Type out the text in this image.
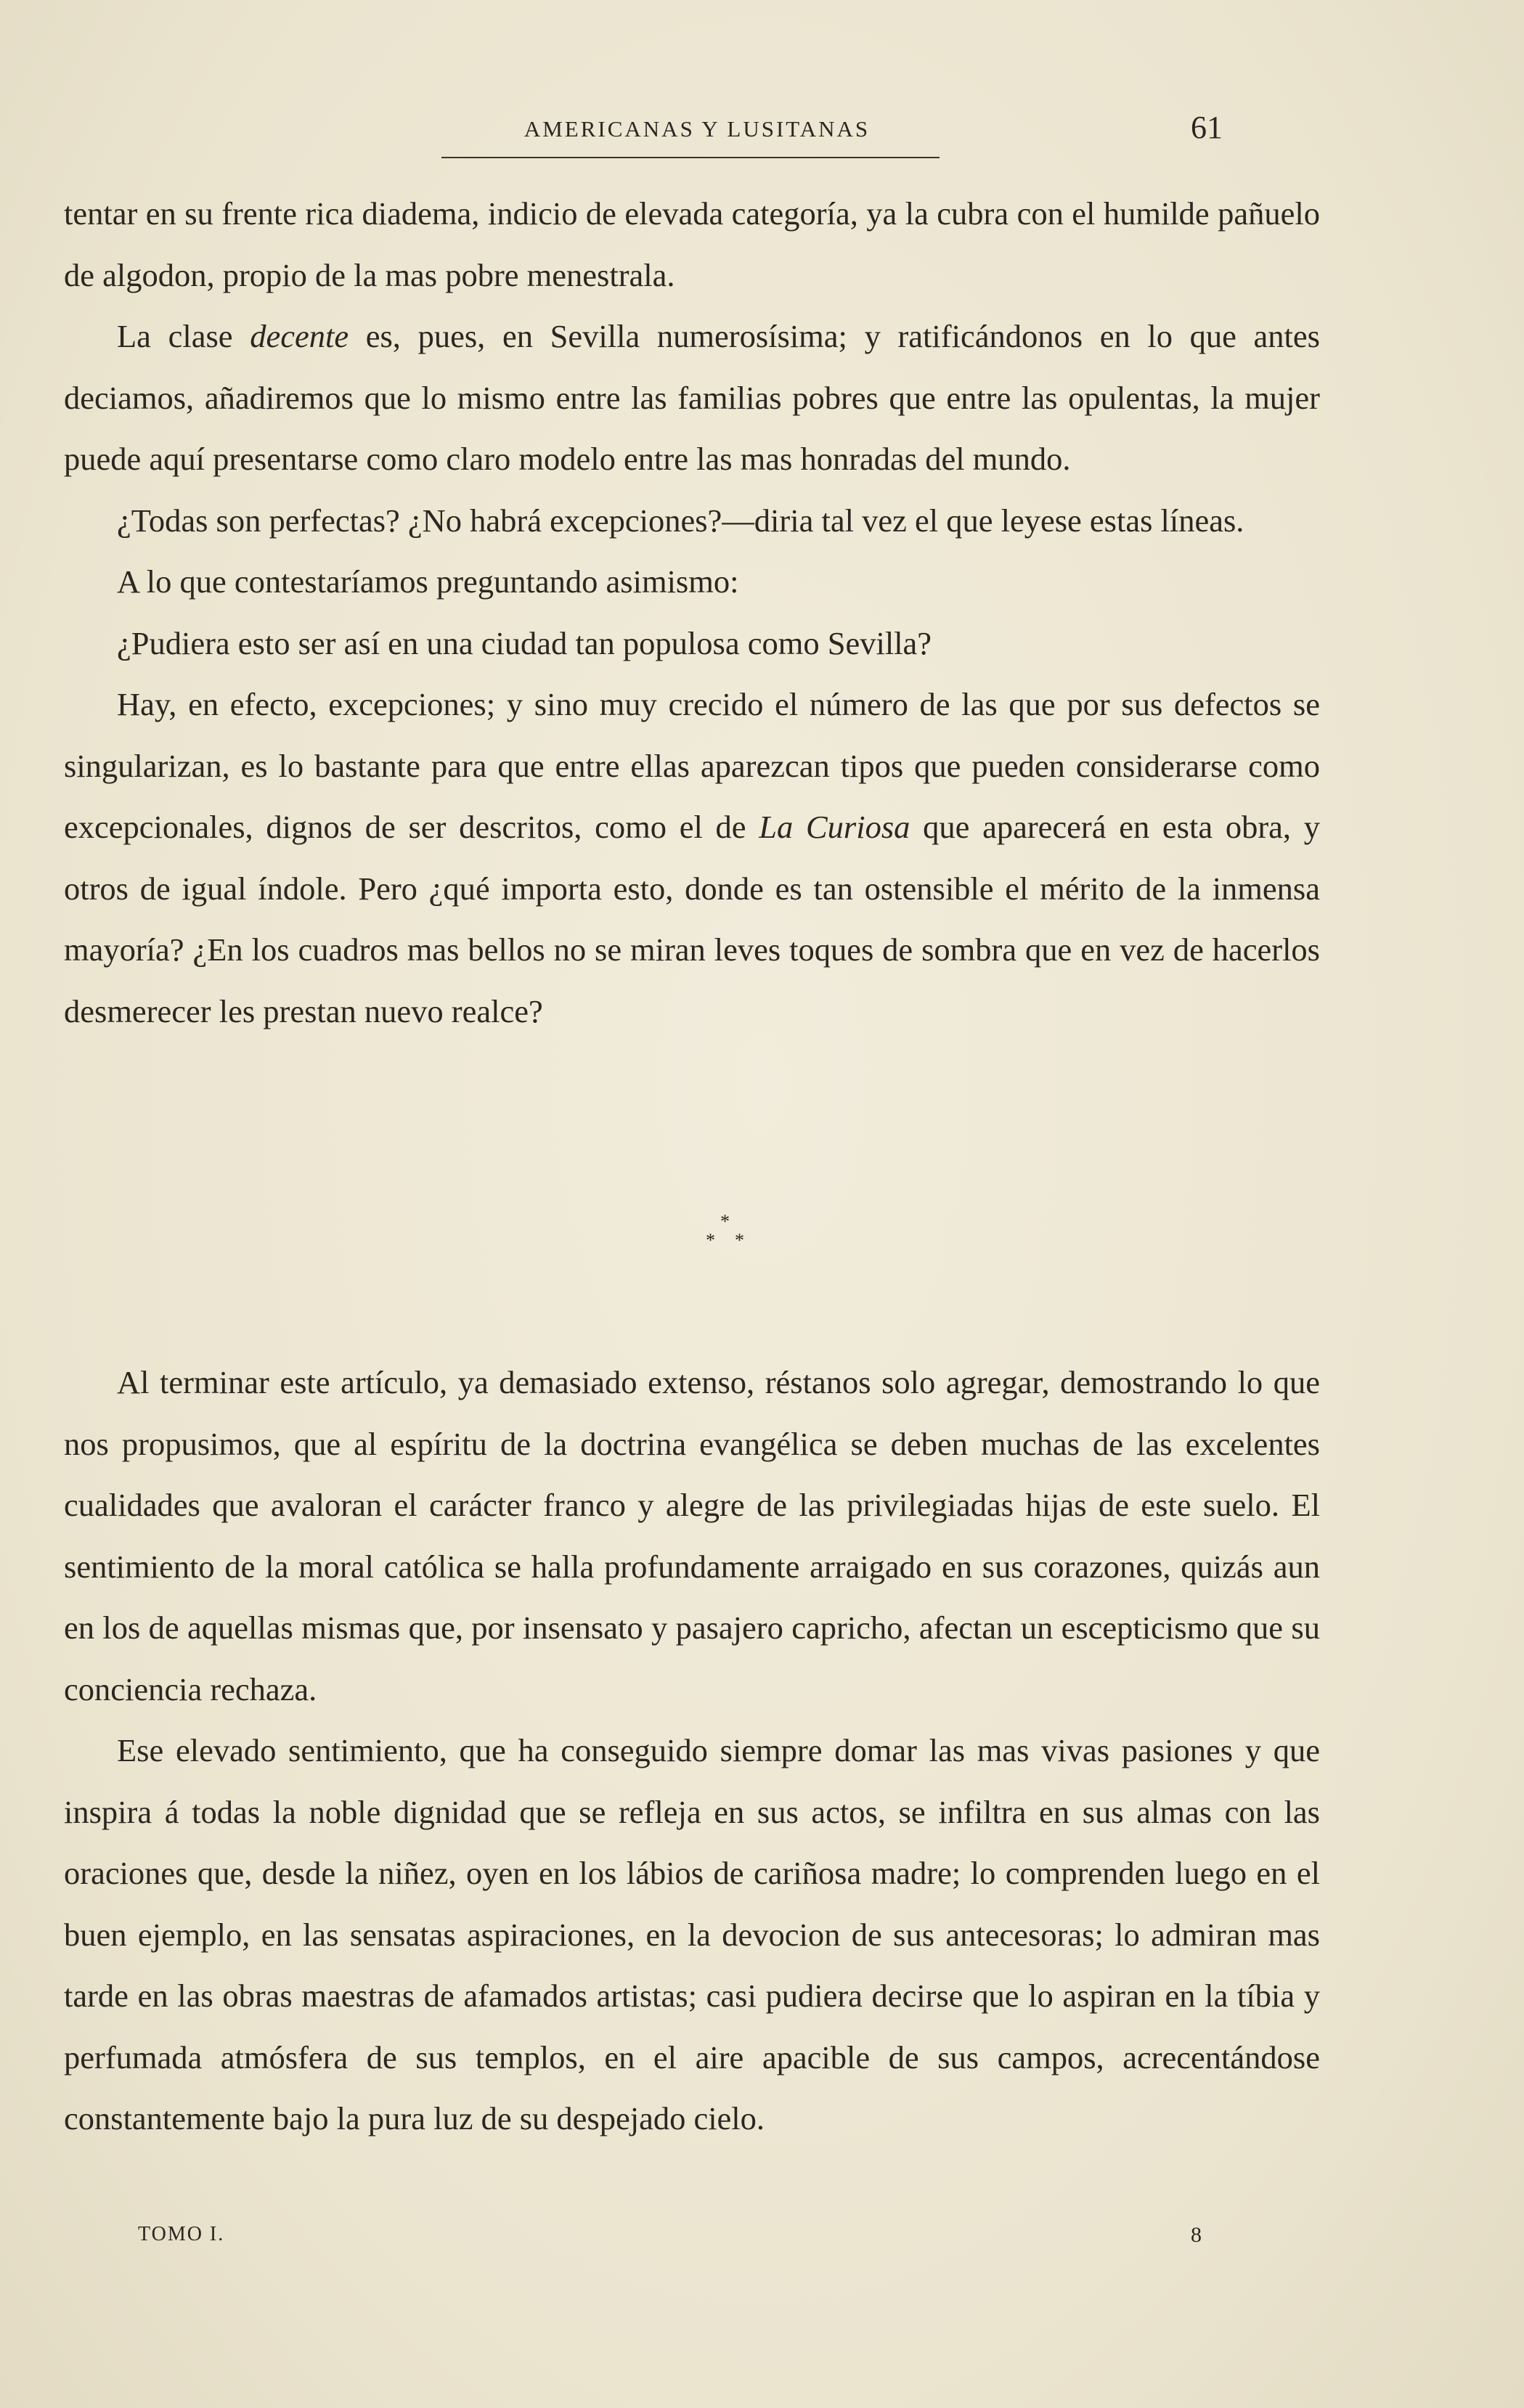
AMERICANAS Y LUSITANAS	61

tentar en su frente rica diadema, indicio de elevada categoría, ya la cubra con el humilde pañuelo de algodon, propio de la mas pobre menestrala.

La clase decente es, pues, en Sevilla numerosísima; y ratificándonos en lo que antes deciamos, añadiremos que lo mismo entre las familias pobres que entre las opulentas, la mujer puede aquí presentarse como claro modelo entre las mas honradas del mundo.

¿Todas son perfectas? ¿No habrá excepciones?—diria tal vez el que leyese estas líneas.

A lo que contestaríamos preguntando asimismo:

¿Pudiera esto ser así en una ciudad tan populosa como Sevilla?

Hay, en efecto, excepciones; y sino muy crecido el número de las que por sus defectos se singularizan, es lo bastante para que entre ellas aparezcan tipos que pueden considerarse como excepcionales, dignos de ser descritos, como el de La Curiosa que aparecerá en esta obra, y otros de igual índole. Pero ¿qué importa esto, donde es tan ostensible el mérito de la inmensa mayoría? ¿En los cuadros mas bellos no se miran leves toques de sombra que en vez de hacerlos desmerecer les prestan nuevo realce?

*
* *

Al terminar este artículo, ya demasiado extenso, réstanos solo agregar, demostrando lo que nos propusimos, que al espíritu de la doctrina evangélica se deben muchas de las excelentes cualidades que avaloran el carácter franco y alegre de las privilegiadas hijas de este suelo. El sentimiento de la moral católica se halla profundamente arraigado en sus corazones, quizás aun en los de aquellas mismas que, por insensato y pasajero capricho, afectan un escepticismo que su conciencia rechaza.

Ese elevado sentimiento, que ha conseguido siempre domar las mas vivas pasiones y que inspira á todas la noble dignidad que se refleja en sus actos, se infiltra en sus almas con las oraciones que, desde la niñez, oyen en los lábios de cariñosa madre; lo comprenden luego en el buen ejemplo, en las sensatas aspiraciones, en la devocion de sus antecesoras; lo admiran mas tarde en las obras maestras de afamados artistas; casi pudiera decirse que lo aspiran en la tíbia y perfumada atmósfera de sus templos, en el aire apacible de sus campos, acrecentándose constantemente bajo la pura luz de su despejado cielo.

TOMO I.	8
